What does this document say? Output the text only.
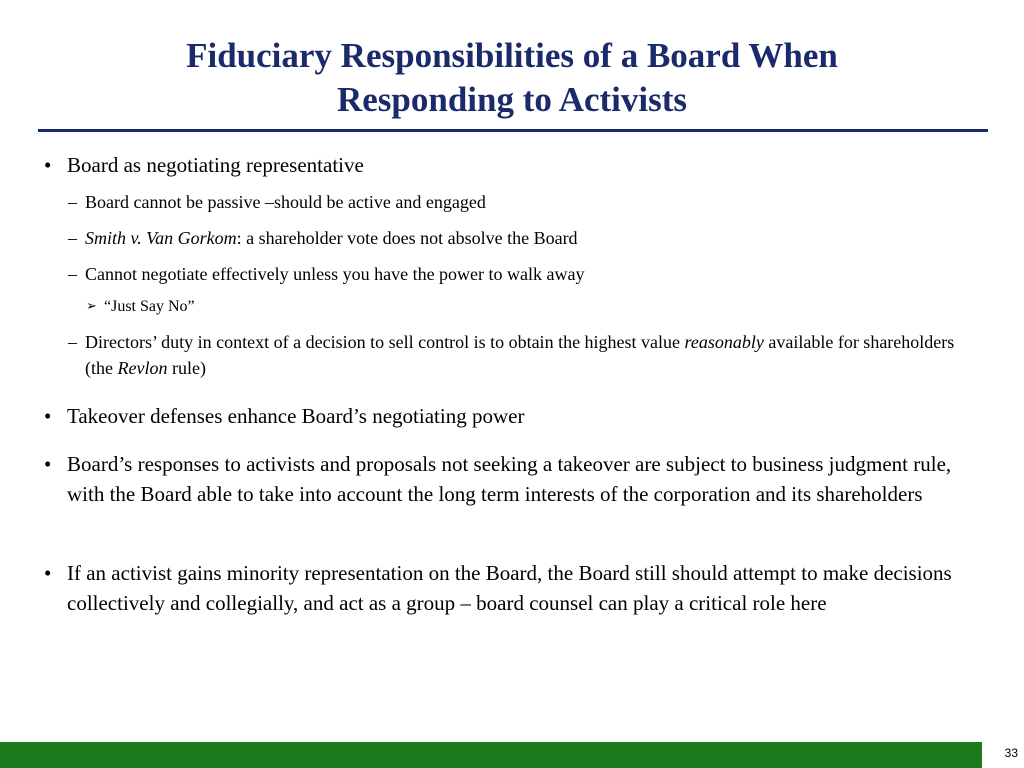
Fiduciary Responsibilities of a Board When
Responding to Activists
• Board as negotiating representative
– Board cannot be passive –should be active and engaged
– Smith v. Van Gorkom: a shareholder vote does not absolve the Board
– Cannot negotiate effectively unless you have the power to walk away
➢ “Just Say No”
– Directors’ duty in context of a decision to sell control is to obtain the highest value reasonably available for shareholders (the Revlon rule)
• Takeover defenses enhance Board’s negotiating power
• Board’s responses to activists and proposals not seeking a takeover are subject to business judgment rule, with the Board able to take into account the long term interests of the corporation and its shareholders
• If an activist gains minority representation on the Board, the Board still should attempt to make decisions collectively and collegially, and act as a group – board counsel can play a critical role here
33
